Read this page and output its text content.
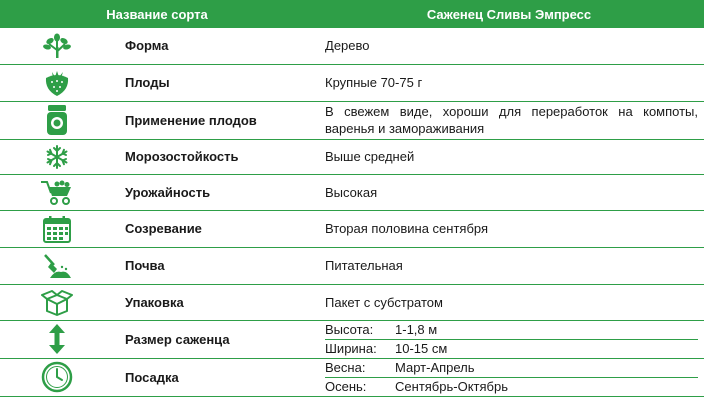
Название сорта		Саженец Сливы Эмпресс

	Форма	Дерево

	Плоды	Крупные 70-75 г

	Применение плодов	В свежем виде, хороши для переработок на компоты, варенья и замораживания

	Морозостойкость	Выше средней

	Урожайность	Высокая

	Созревание	Вторая половина сентября

	Почва	Питательная

	Упаковка	Пакет с субстратом

	Размер саженца	Высота: 1-1,8 м
Ширина: 10-15 см

	Посадка	Весна: Март-Апрель
Осень: Сентябрь-Октябрь
